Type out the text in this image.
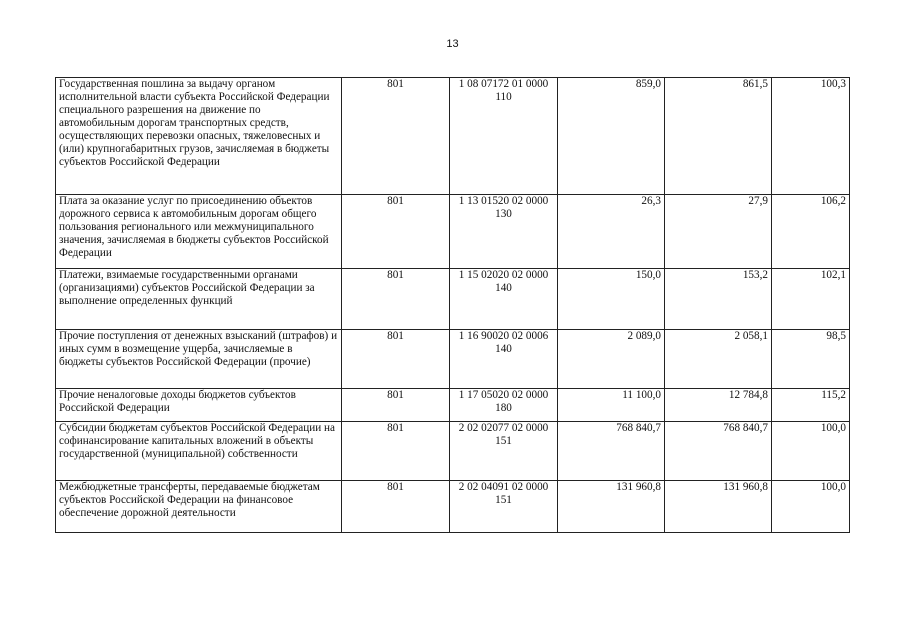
13
Государственная пошлина за выдачу органом исполнительной власти субъекта Российской Федерации специального разрешения на движение по автомобильным дорогам транспортных средств, осуществляющих перевозки опасных, тяжеловесных и (или) крупногабаритных грузов, зачисляемая в бюджеты субъектов Российской Федерации	801	1 08 07172 01 0000 110	859,0	861,5	100,3
Плата за оказание услуг по присоединению объектов дорожного сервиса к автомобильным дорогам общего пользования регионального или межмуниципального значения, зачисляемая в бюджеты субъектов Российской Федерации	801	1 13 01520 02 0000 130	26,3	27,9	106,2
Платежи, взимаемые государственными органами (организациями) субъектов Российской Федерации за выполнение определенных функций	801	1 15 02020 02 0000 140	150,0	153,2	102,1
Прочие поступления от денежных взысканий (штрафов) и иных сумм в возмещение ущерба, зачисляемые в бюджеты субъектов Российской Федерации (прочие)	801	1 16 90020 02 0006 140	2 089,0	2 058,1	98,5
Прочие неналоговые доходы бюджетов субъектов Российской Федерации	801	1 17 05020 02 0000 180	11 100,0	12 784,8	115,2
Субсидии бюджетам субъектов Российской Федерации на софинансирование капитальных вложений в объекты государственной (муниципальной) собственности	801	2 02 02077 02 0000 151	768 840,7	768 840,7	100,0
Межбюджетные трансферты, передаваемые бюджетам субъектов Российской Федерации на финансовое обеспечение дорожной деятельности	801	2 02 04091 02 0000 151	131 960,8	131 960,8	100,0
